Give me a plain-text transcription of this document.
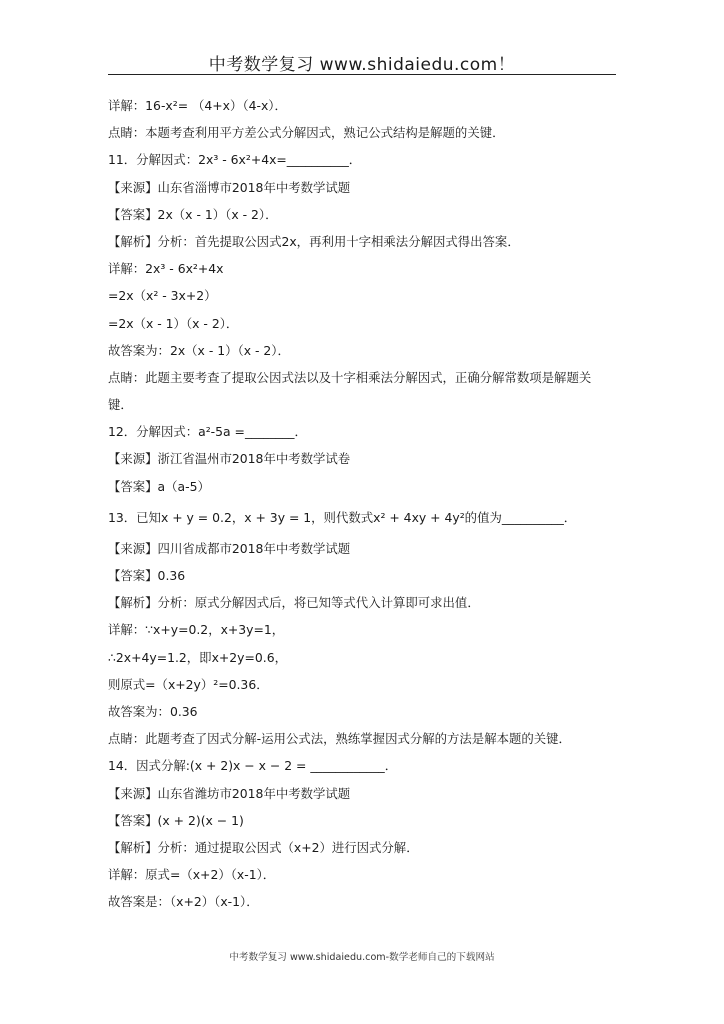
中考数学复习 www.shidaiedu.com！
详解：16-x²= （4+x）（4-x）．
点睛：本题考查利用平方差公式分解因式，熟记公式结构是解题的关键．
11．分解因式：2x³ - 6x²+4x=__________．
【来源】山东省淄博市2018年中考数学试题
【答案】2x（x - 1）（x - 2）．
【解析】分析：首先提取公因式2x，再利用十字相乘法分解因式得出答案．
详解：2x³ - 6x²+4x
=2x（x² - 3x+2）
=2x（x - 1）（x - 2）．
故答案为：2x（x - 1）（x - 2）．
点睛：此题主要考查了提取公因式法以及十字相乘法分解因式，正确分解常数项是解题关
键．
12．分解因式：a²-5a =________．
【来源】浙江省温州市2018年中考数学试卷
【答案】a（a-5）
13．已知x + y = 0.2，x + 3y = 1，则代数式x² + 4xy + 4y²的值为__________．
【来源】四川省成都市2018年中考数学试题
【答案】0.36
【解析】分析：原式分解因式后，将已知等式代入计算即可求出值．
详解：∵x+y=0.2，x+3y=1，
∴2x+4y=1.2，即x+2y=0.6，
则原式=（x+2y）²=0.36．
故答案为：0.36
点睛：此题考查了因式分解-运用公式法，熟练掌握因式分解的方法是解本题的关键．
14．因式分解:(x + 2)x − x − 2 = ____________．
【来源】山东省潍坊市2018年中考数学试题
【答案】(x + 2)(x − 1)
【解析】分析：通过提取公因式（x+2）进行因式分解．
详解：原式=（x+2）（x-1）．
故答案是：（x+2）（x-1）．
中考数学复习 www.shidaiedu.com-数学老师自己的下载网站
